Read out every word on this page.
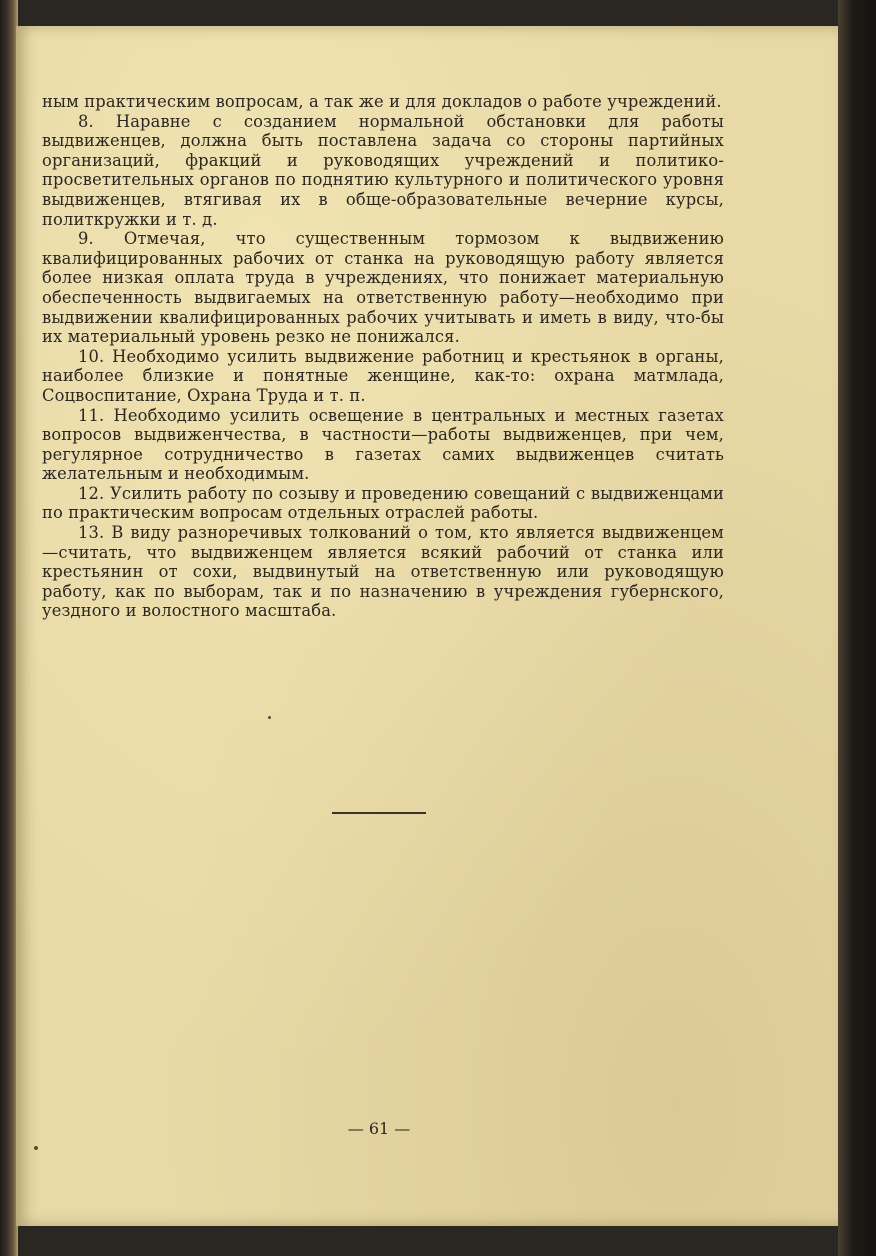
ным практическим вопросам, а так же и для докладов о работе учреждений.

8. Наравне с созданием нормальной обстановки для работы выдвиженцев, должна быть поставлена задача со стороны партийных организаций, фракций и руководящих учреждений и политико-просветительных органов по поднятию культурного и политического уровня выдвиженцев, втягивая их в обще-образовательные вечерние курсы, политкружки и т. д.

9. Отмечая, что существенным тормозом к выдвижению квалифицированных рабочих от станка на руководящую работу является более низкая оплата труда в учреждениях, что понижает материальную обеспеченность выдвигаемых на ответственную работу—необходимо при выдвижении квалифицированных рабочих учитывать и иметь в виду, что-бы их материальный уровень резко не понижался.

10. Необходимо усилить выдвижение работниц и крестьянок в органы, наиболее близкие и понятные женщине, как-то: охрана матмлада, Соцвоспитание, Охрана Труда и т. п.

11. Необходимо усилить освещение в центральных и местных газетах вопросов выдвиженчества, в частности—работы выдвиженцев, при чем, регулярное сотрудничество в газетах самих выдвиженцев считать желательным и необходимым.

12. Усилить работу по созыву и проведению совещаний с выдвиженцами по практическим вопросам отдельных отраслей работы.

13. В виду разноречивых толкований о том, кто является выдвиженцем—считать, что выдвиженцем является всякий рабочий от станка или крестьянин от сохи, выдвинутый на ответственную или руководящую работу, как по выборам, так и по назначению в учреждения губернского, уездного и волостного масштаба.

— 61 —
